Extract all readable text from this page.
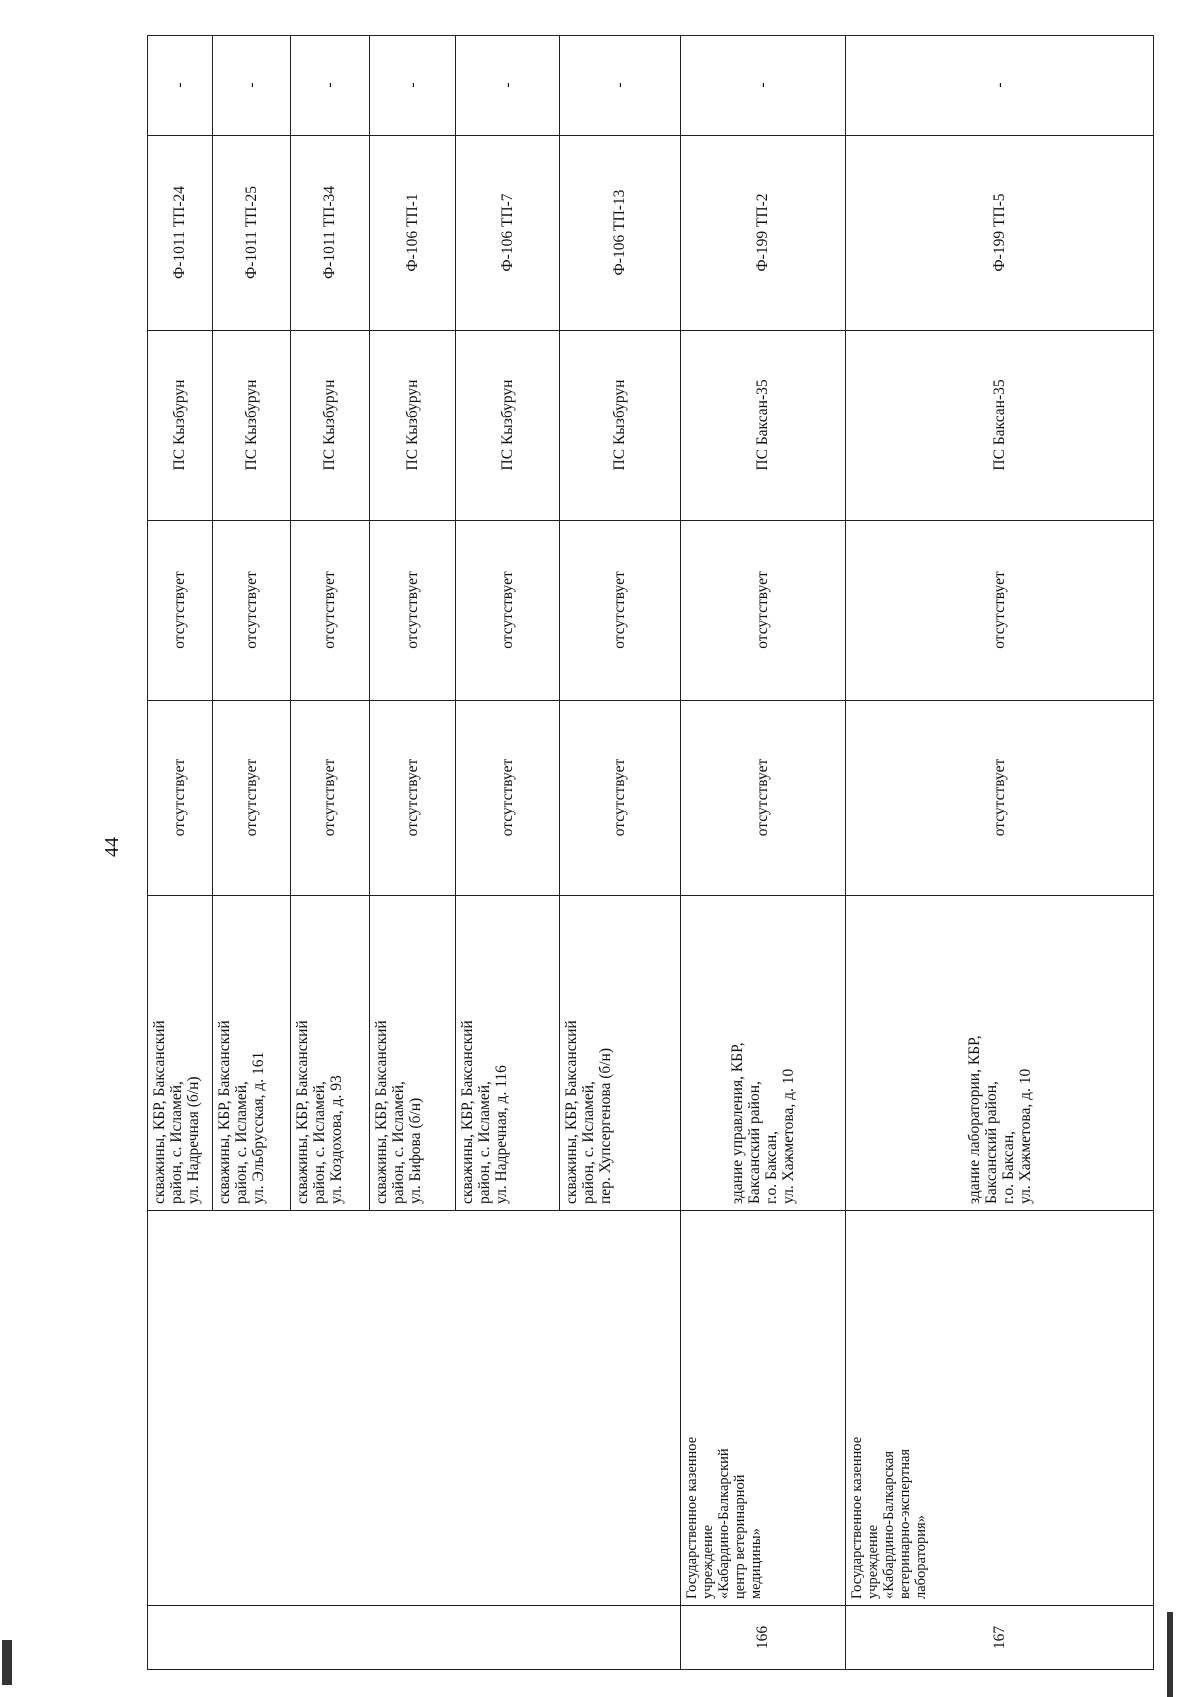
44
-
Ф-1011 ТП-24
ПС Кызбурун
отсутствует
отсутствует
скважины, КБР, Баксанский
район, с. Исламей,
ул. Надречная (б/н)
-
Ф-1011 ТП-25
ПС Кызбурун
отсутствует
отсутствует
скважины, КБР, Баксанский
район, с. Исламей,
ул. Эльбрусская, д. 161
-
Ф-1011 ТП-34
ПС Кызбурун
отсутствует
отсутствует
скважины, КБР, Баксанский
район, с. Исламей,
ул. Коздохова, д. 93
-
Ф-106 ТП-1
ПС Кызбурун
отсутствует
отсутствует
скважины, КБР, Баксанский
район, с. Исламей,
ул. Бифова (б/н)
-
Ф-106 ТП-7
ПС Кызбурун
отсутствует
отсутствует
скважины, КБР, Баксанский
район, с. Исламей,
ул. Надречная, д. 116
-
Ф-106 ТП-13
ПС Кызбурун
отсутствует
отсутствует
скважины, КБР, Баксанский
район, с. Исламей,
пер. Хупсергенова (б/н)
-
Ф-199 ТП-2
ПС Баксан-35
отсутствует
отсутствует
здание управления, КБР,
Баксанский район,
г.о. Баксан,
ул. Хажметова, д. 10
Государственное казенное
учреждение
«Кабардино-Балкарский
центр ветеринарной
медицины»
166
-
Ф-199 ТП-5
ПС Баксан-35
отсутствует
отсутствует
здание лаборатории, КБР,
Баксанский район,
г.о. Баксан,
ул. Хажметова, д. 10
Государственное казенное
учреждение
«Кабардино-Балкарская
ветеринарно-экспертная
лаборатория»
167
